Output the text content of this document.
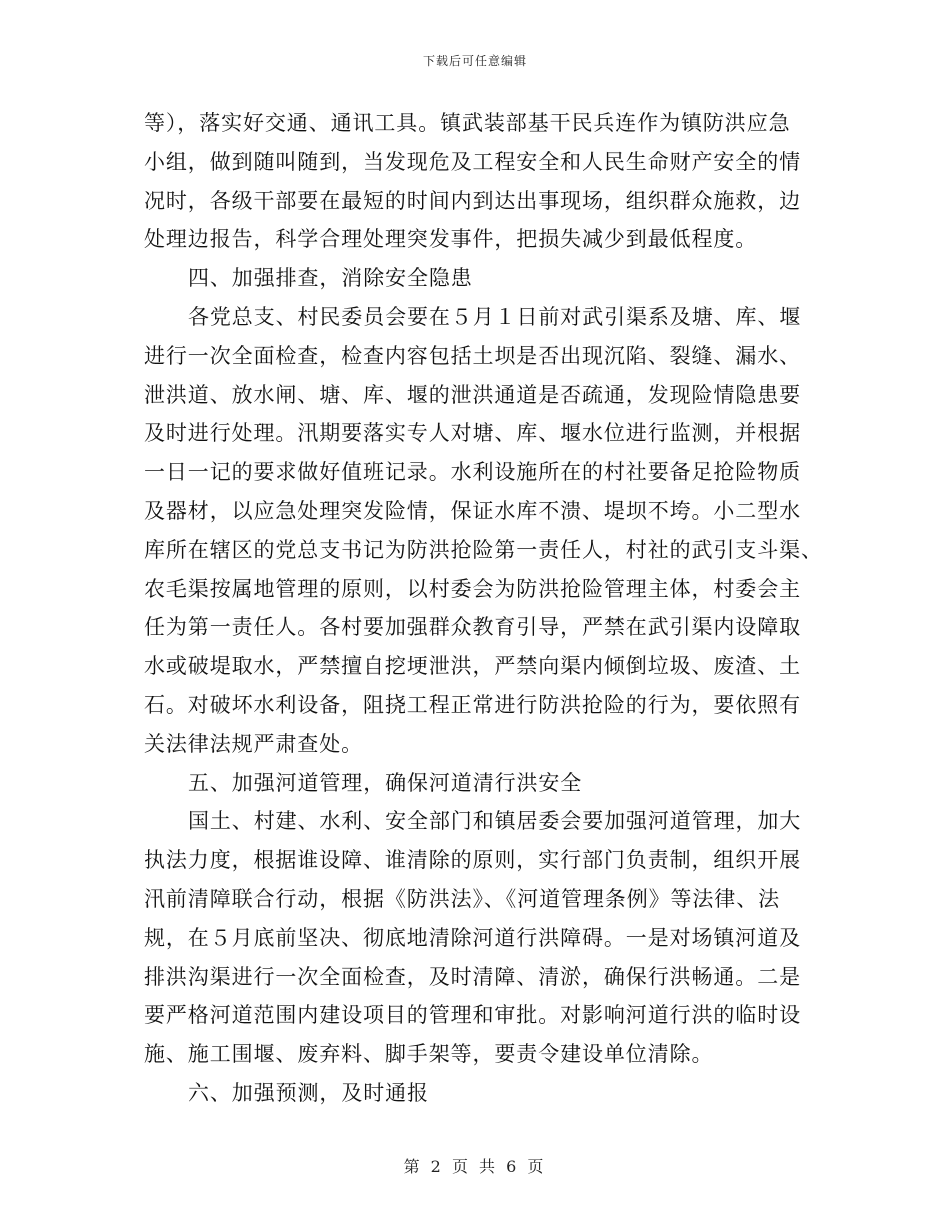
下载后可任意编辑
等），落实好交通、通讯工具。镇武装部基干民兵连作为镇防洪应急
小组，做到随叫随到，当发现危及工程安全和人民生命财产安全的情
况时，各级干部要在最短的时间内到达出事现场，组织群众施救，边
处理边报告，科学合理处理突发事件，把损失减少到最低程度。
四、加强排查，消除安全隐患
各党总支、村民委员会要在５月１日前对武引渠系及塘、库、堰
进行一次全面检查，检查内容包括土坝是否出现沉陷、裂缝、漏水、
泄洪道、放水闸、塘、库、堰的泄洪通道是否疏通，发现险情隐患要
及时进行处理。汛期要落实专人对塘、库、堰水位进行监测，并根据
一日一记的要求做好值班记录。水利设施所在的村社要备足抢险物质
及器材，以应急处理突发险情，保证水库不溃、堤坝不垮。小二型水
库所在辖区的党总支书记为防洪抢险第一责任人，村社的武引支斗渠、
农毛渠按属地管理的原则，以村委会为防洪抢险管理主体，村委会主
任为第一责任人。各村要加强群众教育引导，严禁在武引渠内设障取
水或破堤取水，严禁擅自挖埂泄洪，严禁向渠内倾倒垃圾、废渣、土
石。对破坏水利设备，阻挠工程正常进行防洪抢险的行为，要依照有
关法律法规严肃查处。
五、加强河道管理，确保河道清行洪安全
国土、村建、水利、安全部门和镇居委会要加强河道管理，加大
执法力度，根据谁设障、谁清除的原则，实行部门负责制，组织开展
汛前清障联合行动，根据《防洪法》、《河道管理条例》等法律、法
规，在５月底前坚决、彻底地清除河道行洪障碍。一是对场镇河道及
排洪沟渠进行一次全面检查，及时清障、清淤，确保行洪畅通。二是
要严格河道范围内建设项目的管理和审批。对影响河道行洪的临时设
施、施工围堰、废弃料、脚手架等，要责令建设单位清除。
六、加强预测，及时通报
第 2 页 共 6 页
